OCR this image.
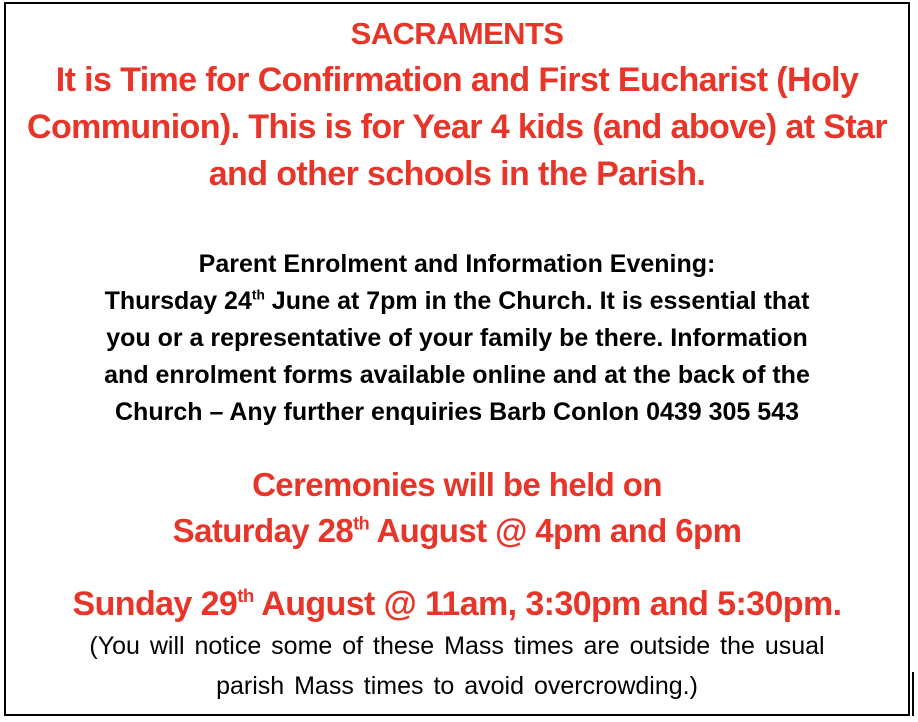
SACRAMENTS
It is Time for Confirmation and First Eucharist (Holy
Communion). This is for Year 4 kids (and above) at Star
and other schools in the Parish.
Parent Enrolment and Information Evening:
Thursday 24th June at 7pm in the Church. It is essential that
you or a representative of your family be there. Information
and enrolment forms available online and at the back of the
Church – Any further enquiries Barb Conlon 0439 305 543
Ceremonies will be held on
Saturday 28th August @ 4pm and 6pm
Sunday 29th August @ 11am, 3:30pm and 5:30pm.
(You will notice some of these Mass times are outside the usual
parish Mass times to avoid overcrowding.)
